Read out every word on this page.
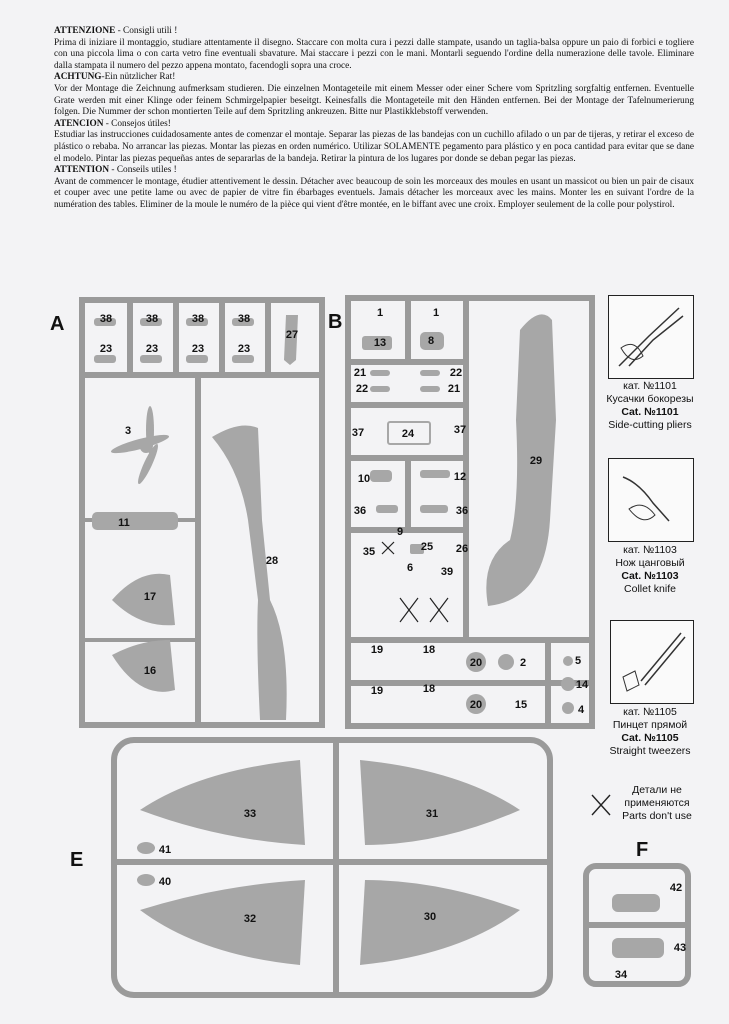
ATTENZIONE - Consigli utili !

Prima di iniziare il montaggio, studiare attentamente il disegno. Staccare con molta cura i pezzi dalle stampate, usando un taglia-balsa oppure un paio di forbici e togliere con una piccola lima o con carta vetro fine eventuali sbavature. Mai staccare i pezzi con le mani. Montarli seguendo l'ordine della numerazione delle tavole. Eliminare dalla stampata il numero del pezzo appena montato, facendogli sopra una croce.

ACHTUNG-Ein nützlicher Rat!

Vor der Montage die Zeichnung aufmerksam studieren. Die einzelnen Montageteile mit einem Messer oder einer Schere vom Spritzling sorgfaltig entfernen. Eventuelle Grate werden mit einer Klinge oder feinem Schmirgelpapier beseitgt. Keinesfalls die Montageteile mit den Händen entfernen. Bei der Montage der Tafelnumerierung folgen. Die Nummer der schon montierten Teile auf dem Spritzling ankreuzen. Bitte nur Plastikklebstoff verwenden.

ATENCION - Consejos útiles!

Estudiar las instrucciones cuidadosamente antes de comenzar el montaje. Separar las piezas de las bandejas con un cuchillo afilado o un par de tijeras, y retirar el exceso de plástico o rebaba. No arrancar las piezas. Montar las piezas en orden numérico. Utilizar SOLAMENTE pegamento para plástico y en poca cantidad para evitar que se dane el modelo. Pintar las piezas pequeñas antes de separarlas de la bandeja. Retirar la pintura de los lugares por donde se deban pegar las piezas.

ATTENTION - Conseils utiles !

Avant de commencer le montage, étudier attentivement le dessin. Détacher avec beaucoup de soin les morceaux des moules en usant un massicot ou bien un pair de cisaux et couper avec une petite lame ou avec de papier de vitre fin ébarbages eventuels. Jamais détacher les morceaux avec les mains. Monter les en suivant l'ordre de la numération des tables. Eliminer de la moule le numéro de la pièce qui vient d'être montée, en le biffant avec une croix. Employer seulement de la colle pour polystirol.

A	38
23
38
23
38
23
38
23
27
3
11
17
16
28
B	1
13
1
8
21
22
22
21
37	24	37
10	12
36	36
9
35	25 26
6	39
29
19	18
20	2	5
19	18
20	15
14
4
E
33	31
41
40
32	30
F
42
43
34
кат. №1101
Кусачки бокорезы
Cat. №1101
Side-cutting pliers
кат. №1103
Нож цанговый
Cat. №1103
Collet knife
кат. №1105
Пинцет прямой
Cat. №1105
Straight tweezers
Детали не
применяются
Parts don't use
